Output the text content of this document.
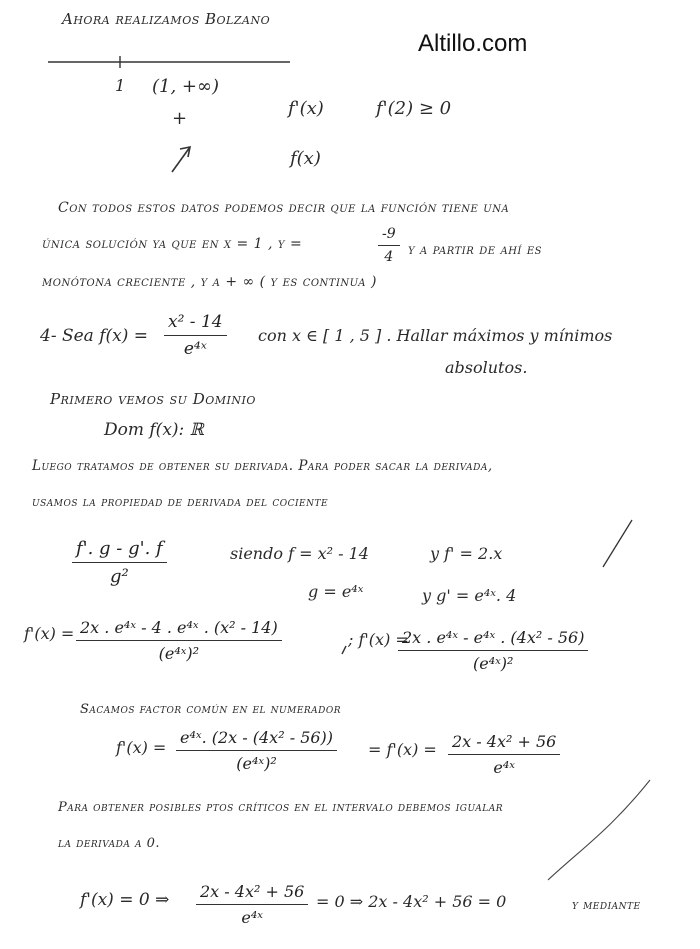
Altillo.com
Ahora realizamos Bolzano
1 (1, +∞)
f'(x)	f'(2) ≥ 0
+
f(x)
Con todos estos datos podemos decir que la función tiene una
única solución ya que en x = 1 , y =	$\frac{-9}{4}$ y a partir de ahí es
monótona creciente , y a + ∞ ( y es continua )
4- Sea $f(x) = \frac{\text{x² - 14}}{\text{e⁴ˣ}}$ con x ∈ [ 1 , 5 ] . Hallar máximos y mínimos
absolutos.
Primero vemos su Dominio
Dom f(x): ℝ
Luego tratamos de obtener su derivada. Para poder sacar la derivada,
usamos la propiedad de derivada del cociente
$\frac{f'. g - g'. f}{\text{g²}}$	siendo f = x² - 14	y f' = 2.x
g = e⁴ˣ	y g' = e⁴ˣ. 4
$f'(x) = \frac{\text{2x . e⁴ˣ - 4 . e⁴ˣ . (x² - 14)}}{\text{(e⁴ˣ)²}}$	; f'(x) =
$\frac{\text{2x . e⁴ˣ - e⁴ˣ . (4x² - 56)}}{\text{(e⁴ˣ)²}}$
Sacamos factor común en el numerador
$f'(x) = \frac{\text{e⁴ˣ. (2x - (4x² - 56))}}{\text{(e⁴ˣ)²}} = f'(x) = \frac{\text{2x - 4x² + 56}}{\text{e⁴ˣ}}$
Para obtener posibles ptos críticos en el intervalo debemos igualar
la derivada a 0.
f'(x) = 0 ⇒ $\frac{\text{2x - 4x² + 56}}{\text{e⁴ˣ}} = 0$ ⇒ 2x - 4x² + 56 = 0	y mediante
